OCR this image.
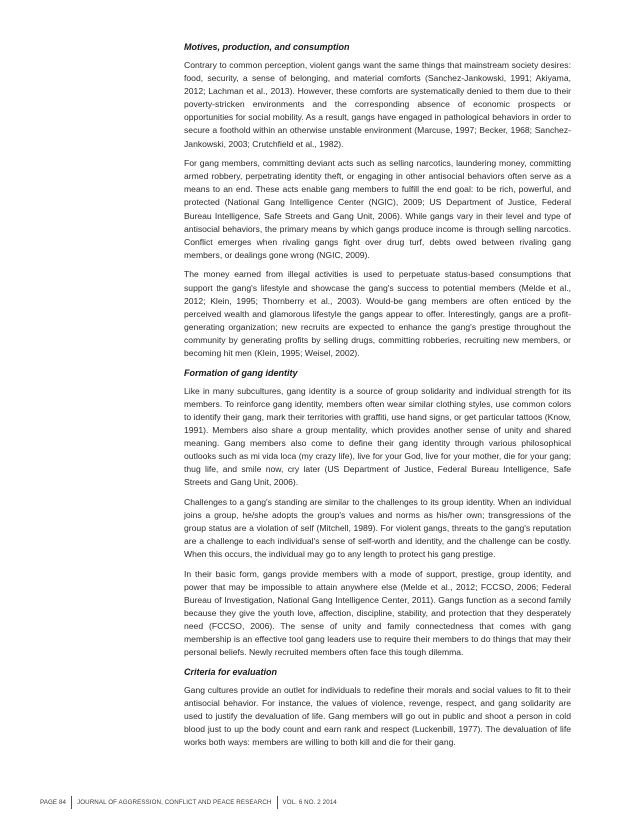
Motives, production, and consumption

Contrary to common perception, violent gangs want the same things that mainstream society desires: food, security, a sense of belonging, and material comforts (Sanchez-Jankowski, 1991; Akiyama, 2012; Lachman et al., 2013). However, these comforts are systematically denied to them due to their poverty-stricken environments and the corresponding absence of economic prospects or opportunities for social mobility. As a result, gangs have engaged in pathological behaviors in order to secure a foothold within an otherwise unstable environment (Marcuse, 1997; Becker, 1968; Sanchez-Jankowski, 2003; Crutchfield et al., 1982).

For gang members, committing deviant acts such as selling narcotics, laundering money, committing armed robbery, perpetrating identity theft, or engaging in other antisocial behaviors often serve as a means to an end. These acts enable gang members to fulfill the end goal: to be rich, powerful, and protected (National Gang Intelligence Center (NGIC), 2009; US Department of Justice, Federal Bureau Intelligence, Safe Streets and Gang Unit, 2006). While gangs vary in their level and type of antisocial behaviors, the primary means by which gangs produce income is through selling narcotics. Conflict emerges when rivaling gangs fight over drug turf, debts owed between rivaling gang members, or dealings gone wrong (NGIC, 2009).

The money earned from illegal activities is used to perpetuate status-based consumptions that support the gang's lifestyle and showcase the gang's success to potential members (Melde et al., 2012; Klein, 1995; Thornberry et al., 2003). Would-be gang members are often enticed by the perceived wealth and glamorous lifestyle the gangs appear to offer. Interestingly, gangs are a profit-generating organization; new recruits are expected to enhance the gang's prestige throughout the community by generating profits by selling drugs, committing robberies, recruiting new members, or becoming hit men (Klein, 1995; Weisel, 2002).

Formation of gang identity

Like in many subcultures, gang identity is a source of group solidarity and individual strength for its members. To reinforce gang identity, members often wear similar clothing styles, use common colors to identify their gang, mark their territories with graffiti, use hand signs, or get particular tattoos (Know, 1991). Members also share a group mentality, which provides another sense of unity and shared meaning. Gang members also come to define their gang identity through various philosophical outlooks such as mi vida loca (my crazy life), live for your God, live for your mother, die for your gang; thug life, and smile now, cry later (US Department of Justice, Federal Bureau Intelligence, Safe Streets and Gang Unit, 2006).

Challenges to a gang's standing are similar to the challenges to its group identity. When an individual joins a group, he/she adopts the group's values and norms as his/her own; transgressions of the group status are a violation of self (Mitchell, 1989). For violent gangs, threats to the gang's reputation are a challenge to each individual's sense of self-worth and identity, and the challenge can be costly. When this occurs, the individual may go to any length to protect his gang prestige.

In their basic form, gangs provide members with a mode of support, prestige, group identity, and power that may be impossible to attain anywhere else (Melde et al., 2012; FCCSO, 2006; Federal Bureau of Investigation, National Gang Intelligence Center, 2011). Gangs function as a second family because they give the youth love, affection, discipline, stability, and protection that they desperately need (FCCSO, 2006). The sense of unity and family connectedness that comes with gang membership is an effective tool gang leaders use to require their members to do things that may their personal beliefs. Newly recruited members often face this tough dilemma.

Criteria for evaluation

Gang cultures provide an outlet for individuals to redefine their morals and social values to fit to their antisocial behavior. For instance, the values of violence, revenge, respect, and gang solidarity are used to justify the devaluation of life. Gang members will go out in public and shoot a person in cold blood just to up the body count and earn rank and respect (Luckenbill, 1977). The devaluation of life works both ways: members are willing to both kill and die for their gang.

PAGE 84 JOURNAL OF AGGRESSION, CONFLICT AND PEACE RESEARCH VOL. 6 NO. 2 2014
